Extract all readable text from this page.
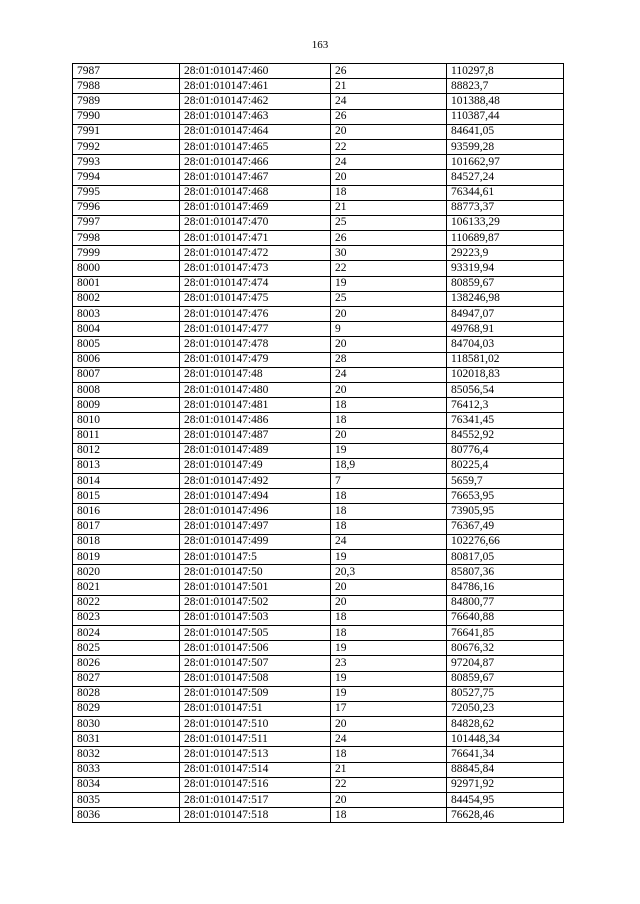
163
7987	28:01:010147:460	26	110297,8
7988	28:01:010147:461	21	88823,7
7989	28:01:010147:462	24	101388,48
7990	28:01:010147:463	26	110387,44
7991	28:01:010147:464	20	84641,05
7992	28:01:010147:465	22	93599,28
7993	28:01:010147:466	24	101662,97
7994	28:01:010147:467	20	84527,24
7995	28:01:010147:468	18	76344,61
7996	28:01:010147:469	21	88773,37
7997	28:01:010147:470	25	106133,29
7998	28:01:010147:471	26	110689,87
7999	28:01:010147:472	30	29223,9
8000	28:01:010147:473	22	93319,94
8001	28:01:010147:474	19	80859,67
8002	28:01:010147:475	25	138246,98
8003	28:01:010147:476	20	84947,07
8004	28:01:010147:477	9	49768,91
8005	28:01:010147:478	20	84704,03
8006	28:01:010147:479	28	118581,02
8007	28:01:010147:48	24	102018,83
8008	28:01:010147:480	20	85056,54
8009	28:01:010147:481	18	76412,3
8010	28:01:010147:486	18	76341,45
8011	28:01:010147:487	20	84552,92
8012	28:01:010147:489	19	80776,4
8013	28:01:010147:49	18,9	80225,4
8014	28:01:010147:492	7	5659,7
8015	28:01:010147:494	18	76653,95
8016	28:01:010147:496	18	73905,95
8017	28:01:010147:497	18	76367,49
8018	28:01:010147:499	24	102276,66
8019	28:01:010147:5	19	80817,05
8020	28:01:010147:50	20,3	85807,36
8021	28:01:010147:501	20	84786,16
8022	28:01:010147:502	20	84800,77
8023	28:01:010147:503	18	76640,88
8024	28:01:010147:505	18	76641,85
8025	28:01:010147:506	19	80676,32
8026	28:01:010147:507	23	97204,87
8027	28:01:010147:508	19	80859,67
8028	28:01:010147:509	19	80527,75
8029	28:01:010147:51	17	72050,23
8030	28:01:010147:510	20	84828,62
8031	28:01:010147:511	24	101448,34
8032	28:01:010147:513	18	76641,34
8033	28:01:010147:514	21	88845,84
8034	28:01:010147:516	22	92971,92
8035	28:01:010147:517	20	84454,95
8036	28:01:010147:518	18	76628,46
